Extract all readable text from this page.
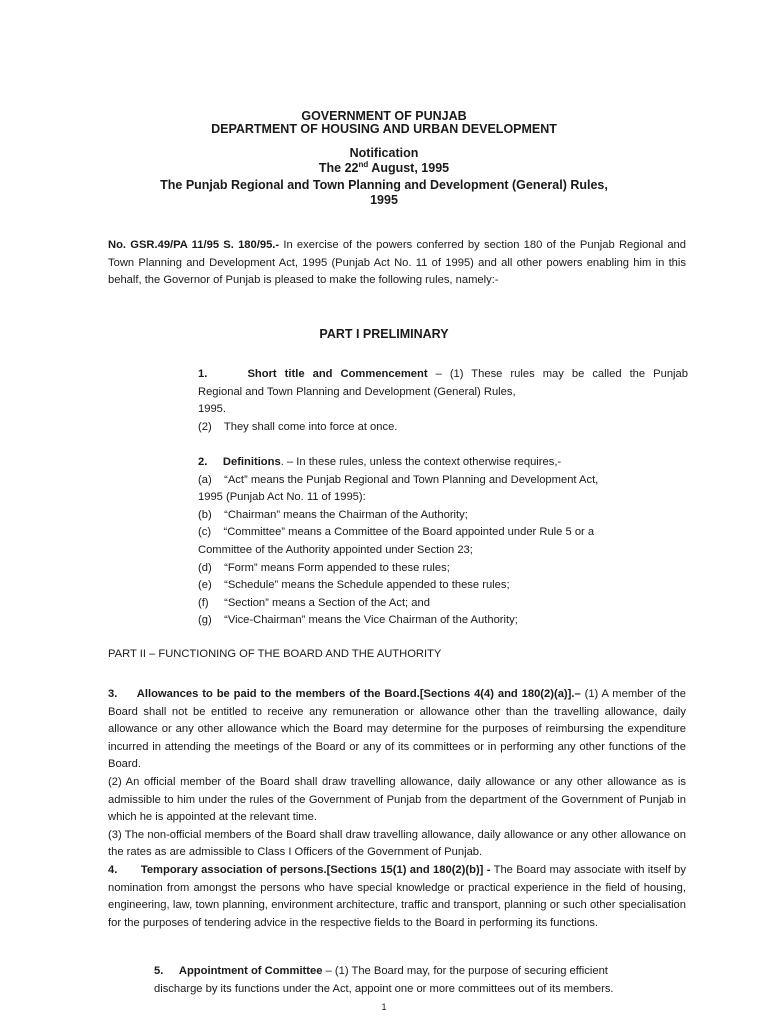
GOVERNMENT OF PUNJAB
DEPARTMENT OF HOUSING AND URBAN DEVELOPMENT
Notification
The 22nd August, 1995
The Punjab Regional and Town Planning and Development (General) Rules,
1995
No. GSR.49/PA 11/95 S. 180/95.- In exercise of the powers conferred by section 180 of the Punjab Regional and Town Planning and Development Act, 1995 (Punjab Act No. 11 of 1995) and all other powers enabling him in this behalf, the Governor of Punjab is pleased to make the following rules, namely:-
PART I PRELIMINARY
1.	Short title and Commencement – (1) These rules may be called the Punjab
Regional and Town Planning and Development (General) Rules,
1995.
(2)    They shall come into force at once.
2. Definitions. – In these rules, unless the context otherwise requires,-
(a)    “Act” means the Punjab Regional and Town Planning and Development Act,
1995 (Punjab Act No. 11 of 1995):
(b)    “Chairman” means the Chairman of the Authority;
(c)    “Committee” means a Committee of the Board appointed under Rule 5 or a
Committee of the Authority appointed under Section 23;
(d)    “Form” means Form appended to these rules;
(e)    “Schedule” means the Schedule appended to these rules;
(f)     “Section” means a Section of the Act; and
(g)    “Vice-Chairman” means the Vice Chairman of the Authority;
PART II – FUNCTIONING OF THE BOARD AND THE AUTHORITY
3. Allowances to be paid to the members of the Board.[Sections 4(4) and 180(2)(a)].– (1) A member of the Board shall not be entitled to receive any remuneration or allowance other than the travelling allowance, daily allowance or any other allowance which the Board may determine for the purposes of reimbursing the expenditure incurred in attending the meetings of the Board or any of its committees or in performing any other functions of the Board.
(2) An official member of the Board shall draw travelling allowance, daily allowance or any other allowance as is admissible to him under the rules of the Government of Punjab from the department of the Government of Punjab in which he is appointed at the relevant time.
(3) The non-official members of the Board shall draw travelling allowance, daily allowance or any other allowance on the rates as are admissible to Class I Officers of the Government of Punjab.
4. Temporary association of persons.[Sections 15(1) and 180(2)(b)] - The Board may associate with itself by nomination from amongst the persons who have special knowledge or practical experience in the field of housing, engineering, law, town planning, environment architecture, traffic and transport, planning or such other specialisation for the purposes of tendering advice in the respective fields to the Board in performing its functions.
5. Appointment of Committee – (1) The Board may, for the purpose of securing efficient
discharge by its functions under the Act, appoint one or more committees out of its members.
1
